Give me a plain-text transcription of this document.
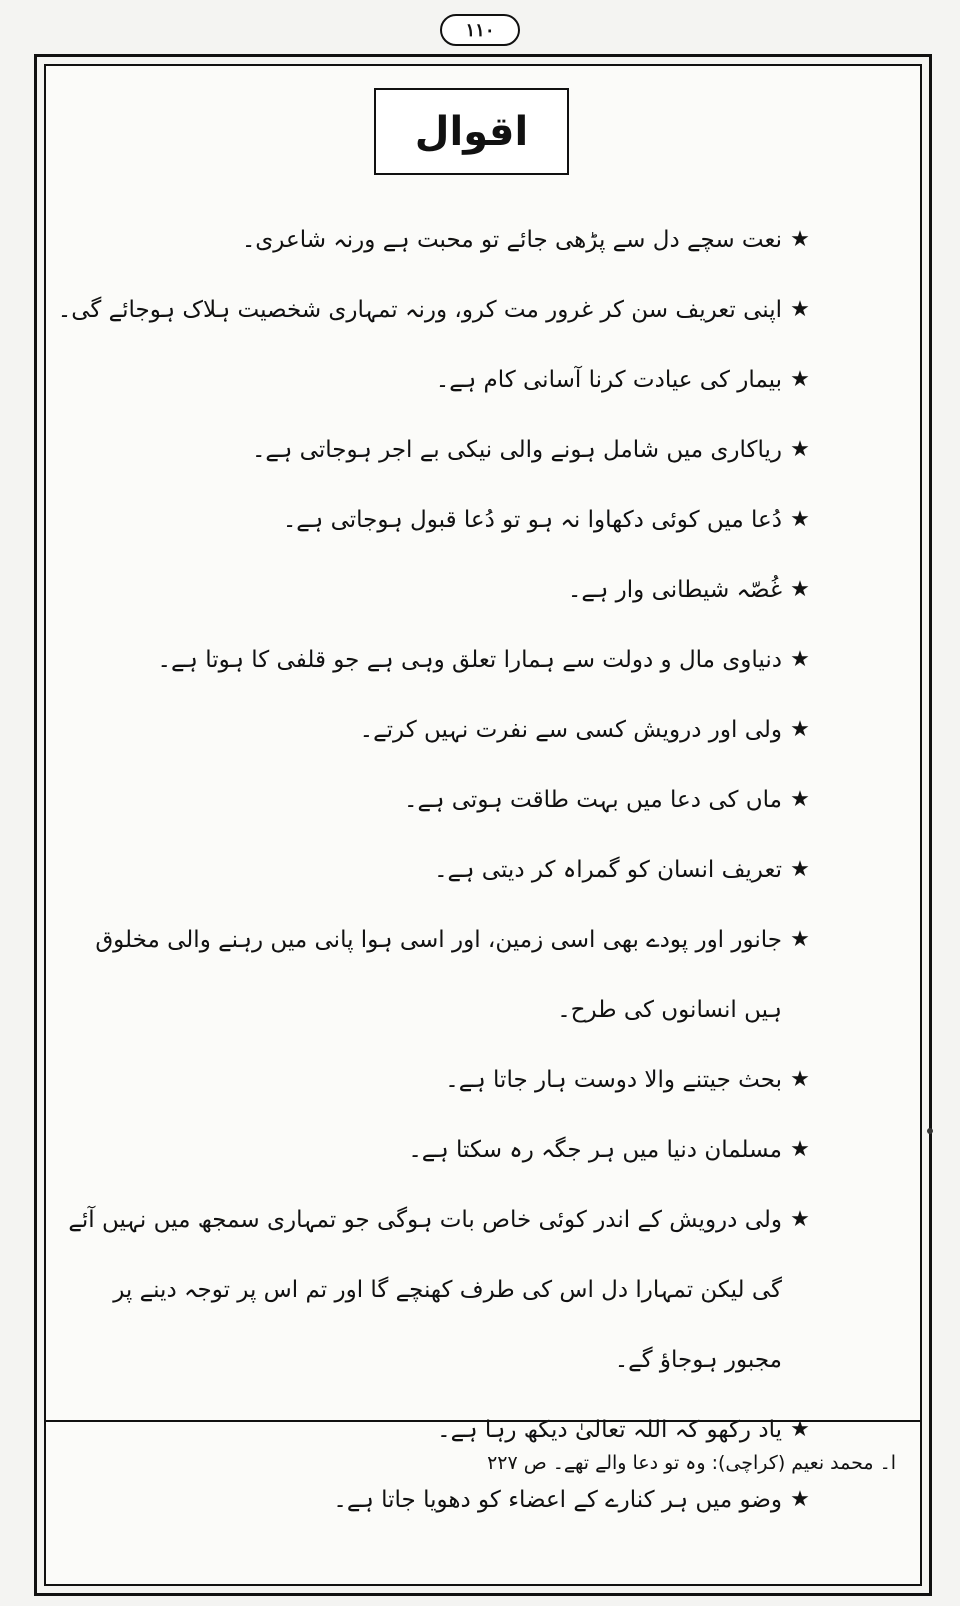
۱۱۰
اقوال
★
نعت سچے دل سے پڑھی جائے تو محبت ہے ورنہ شاعری۔
★
اپنی تعریف سن کر غرور مت کرو، ورنہ تمہاری شخصیت ہلاک ہوجائے گی۔
★
بیمار کی عیادت کرنا آسانی کام ہے۔
★
ریاکاری میں شامل ہونے والی نیکی بے اجر ہوجاتی ہے۔
★
دُعا میں کوئی دکھاوا نہ ہو تو دُعا قبول ہوجاتی ہے۔
★
غُصّہ شیطانی وار ہے۔
★
دنیاوی مال و دولت سے ہمارا تعلق وہی ہے جو قلفی کا ہوتا ہے۔
★
ولی اور درویش کسی سے نفرت نہیں کرتے۔
★
ماں کی دعا میں بہت طاقت ہوتی ہے۔
★
تعریف انسان کو گمراہ کر دیتی ہے۔
★
جانور اور پودے بھی اسی زمین، اور اسی ہوا پانی میں رہنے والی مخلوق ہیں انسانوں کی طرح۔
★
بحث جیتنے والا دوست ہار جاتا ہے۔
★
مسلمان دنیا میں ہر جگہ رہ سکتا ہے۔
★
ولی درویش کے اندر کوئی خاص بات ہوگی جو تمہاری سمجھ میں نہیں آئے گی لیکن تمہارا دل اس کی طرف کھنچے گا اور تم اس پر توجہ دینے پر مجبور ہوجاؤ گے۔
★
یاد رکھو کہ اللہ تعالیٰ دیکھ رہا ہے۔
★
وضو میں ہر کنارے کے اعضاء کو دھویا جاتا ہے۔
ا۔ محمد نعیم (کراچی): وہ تو دعا والے تھے۔ ص ۲۲۷
